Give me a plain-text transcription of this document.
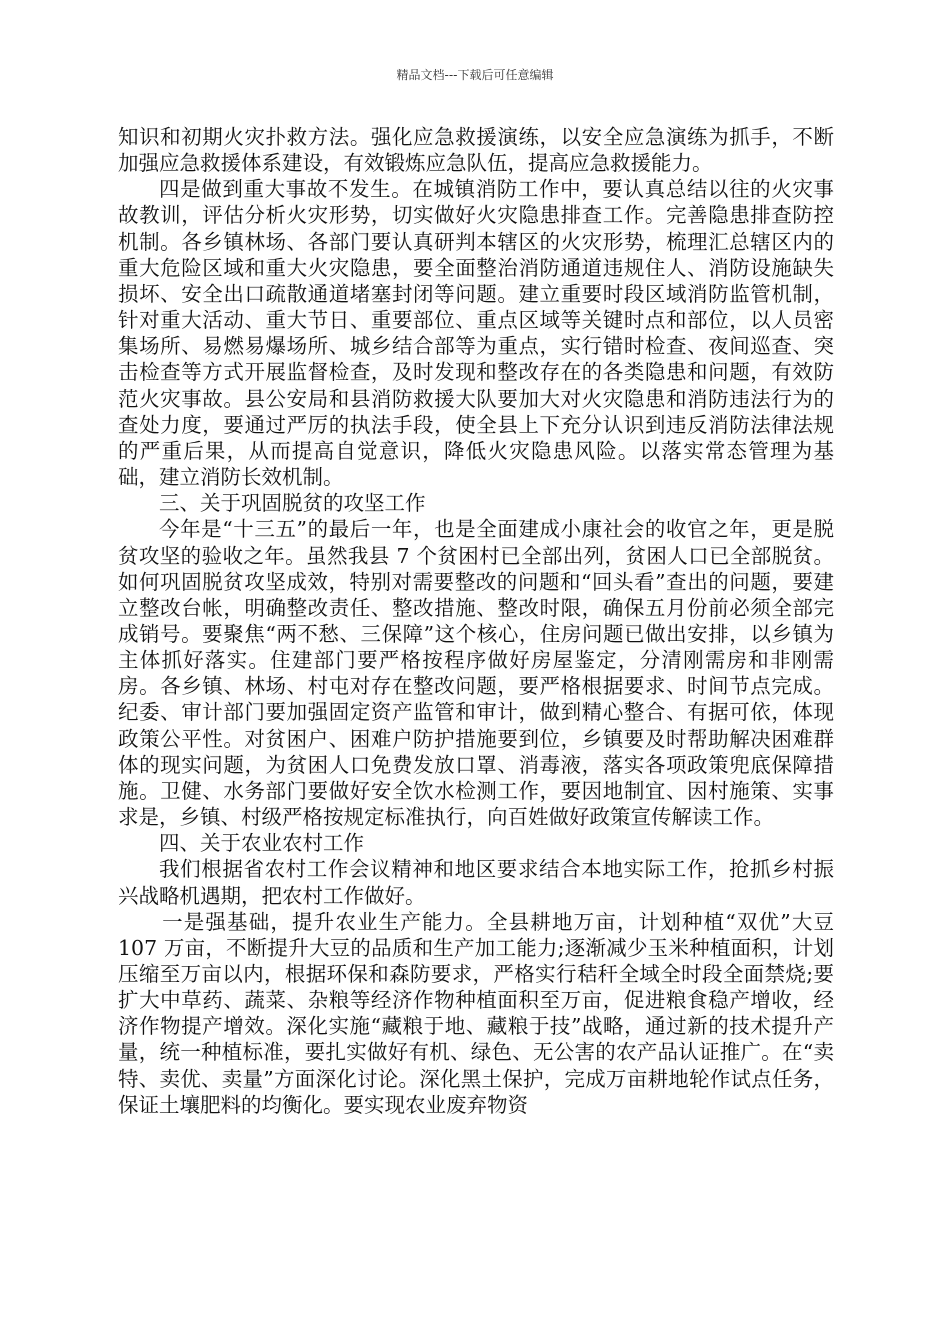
精品文档---下载后可任意编辑

知识和初期火灾扑救方法。强化应急救援演练，以安全应急演练为抓手，不断加强应急救援体系建设，有效锻炼应急队伍，提高应急救援能力。

四是做到重大事故不发生。在城镇消防工作中，要认真总结以往的火灾事故教训，评估分析火灾形势，切实做好火灾隐患排查工作。完善隐患排查防控机制。各乡镇林场、各部门要认真研判本辖区的火灾形势，梳理汇总辖区内的重大危险区域和重大火灾隐患，要全面整治消防通道违规住人、消防设施缺失损坏、安全出口疏散通道堵塞封闭等问题。建立重要时段区域消防监管机制，针对重大活动、重大节日、重要部位、重点区域等关键时点和部位，以人员密集场所、易燃易爆场所、城乡结合部等为重点，实行错时检查、夜间巡查、突击检查等方式开展监督检查，及时发现和整改存在的各类隐患和问题，有效防范火灾事故。县公安局和县消防救援大队要加大对火灾隐患和消防违法行为的查处力度，要通过严厉的执法手段，使全县上下充分认识到违反消防法律法规的严重后果，从而提高自觉意识，降低火灾隐患风险。以落实常态管理为基础，建立消防长效机制。

三、关于巩固脱贫的攻坚工作

今年是“十三五”的最后一年，也是全面建成小康社会的收官之年，更是脱贫攻坚的验收之年。虽然我县 7 个贫困村已全部出列，贫困人口已全部脱贫。如何巩固脱贫攻坚成效，特别对需要整改的问题和“回头看”查出的问题，要建立整改台帐，明确整改责任、整改措施、整改时限，确保五月份前必须全部完成销号。要聚焦“两不愁、三保障”这个核心，住房问题已做出安排，以乡镇为主体抓好落实。住建部门要严格按程序做好房屋鉴定，分清刚需房和非刚需房。各乡镇、林场、村屯对存在整改问题，要严格根据要求、时间节点完成。纪委、审计部门要加强固定资产监管和审计，做到精心整合、有据可依，体现政策公平性。对贫困户、困难户防护措施要到位，乡镇要及时帮助解决困难群体的现实问题，为贫困人口免费发放口罩、消毒液，落实各项政策兜底保障措施。卫健、水务部门要做好安全饮水检测工作，要因地制宜、因村施策、实事求是，乡镇、村级严格按规定标准执行，向百姓做好政策宣传解读工作。

四、关于农业农村工作

我们根据省农村工作会议精神和地区要求结合本地实际工作，抢抓乡村振兴战略机遇期，把农村工作做好。

一是强基础，提升农业生产能力。全县耕地万亩，计划种植“双优”大豆 107 万亩，不断提升大豆的品质和生产加工能力;逐渐减少玉米种植面积，计划压缩至万亩以内，根据环保和森防要求，严格实行秸秆全域全时段全面禁烧;要扩大中草药、蔬菜、杂粮等经济作物种植面积至万亩，促进粮食稳产增收，经济作物提产增效。深化实施“藏粮于地、藏粮于技”战略，通过新的技术提升产量，统一种植标准，要扎实做好有机、绿色、无公害的农产品认证推广。在“卖特、卖优、卖量”方面深化讨论。深化黑土保护，完成万亩耕地轮作试点任务，保证土壤肥料的均衡化。要实现农业废弃物资
